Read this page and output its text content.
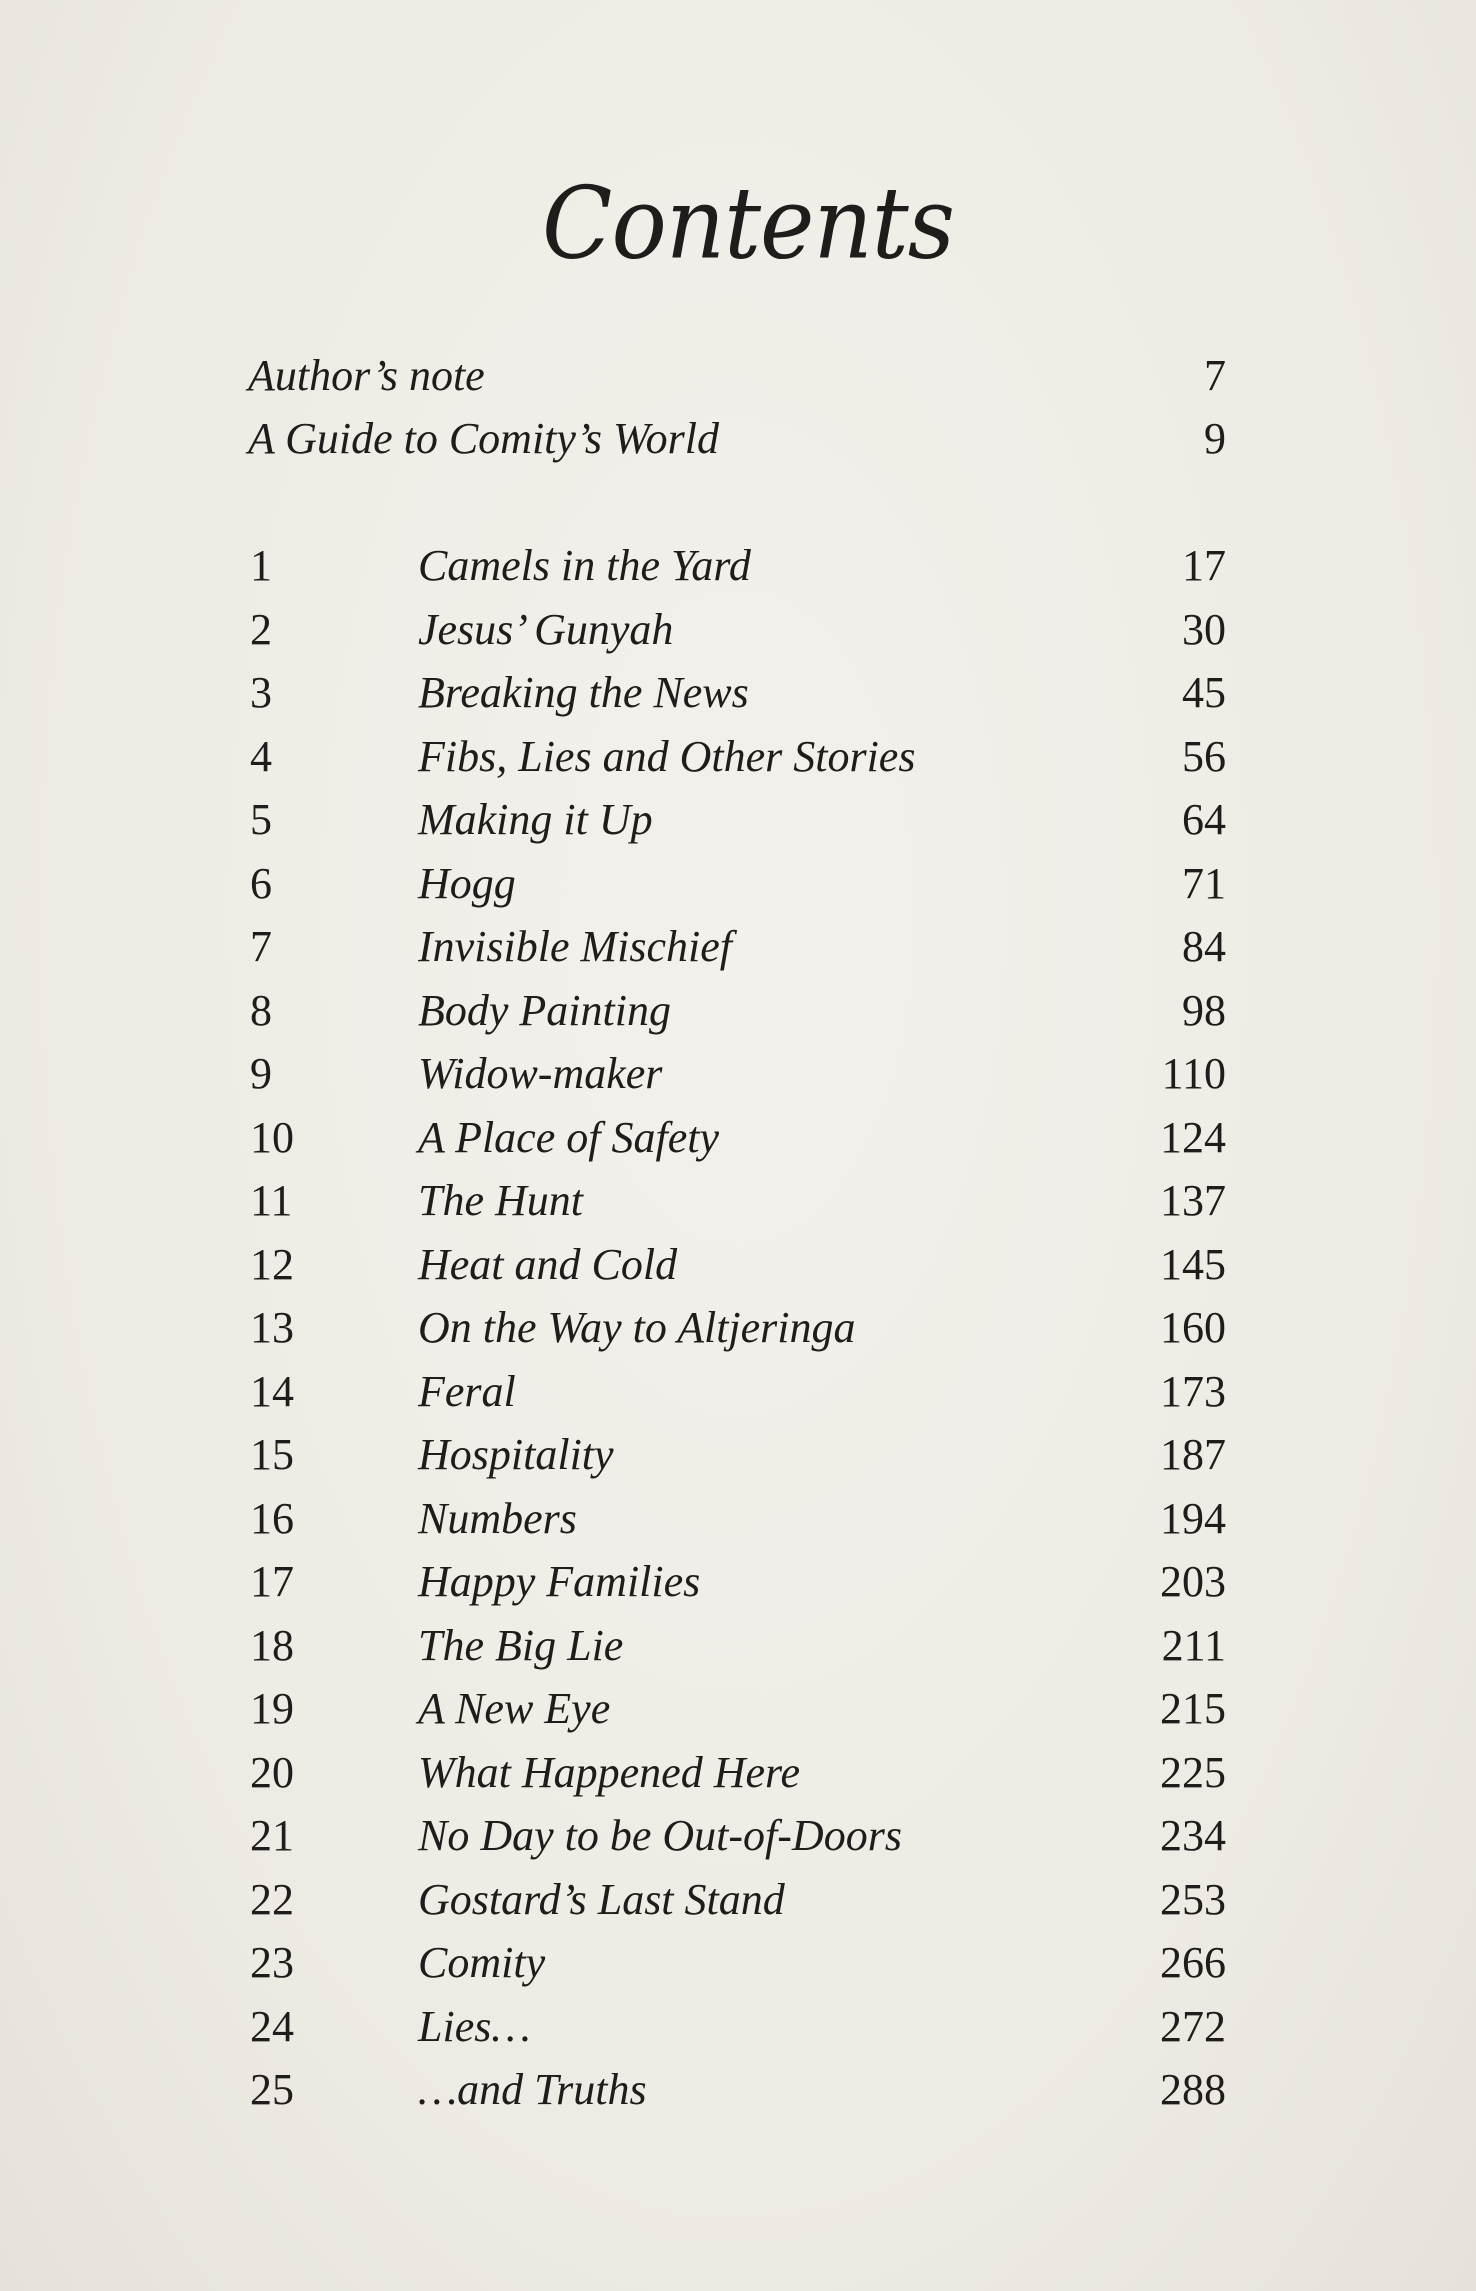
Contents
Author’s note	7
A Guide to Comity’s World	9
1	Camels in the Yard	17
2	Jesus’ Gunyah	30
3	Breaking the News	45
4	Fibs, Lies and Other Stories	56
5	Making it Up	64
6	Hogg	71
7	Invisible Mischief	84
8	Body Painting	98
9	Widow-maker	110
10	A Place of Safety	124
11	The Hunt	137
12	Heat and Cold	145
13	On the Way to Altjeringa	160
14	Feral	173
15	Hospitality	187
16	Numbers	194
17	Happy Families	203
18	The Big Lie	211
19	A New Eye	215
20	What Happened Here	225
21	No Day to be Out-of-Doors	234
22	Gostard’s Last Stand	253
23	Comity	266
24	Lies…	272
25	…and Truths	288
